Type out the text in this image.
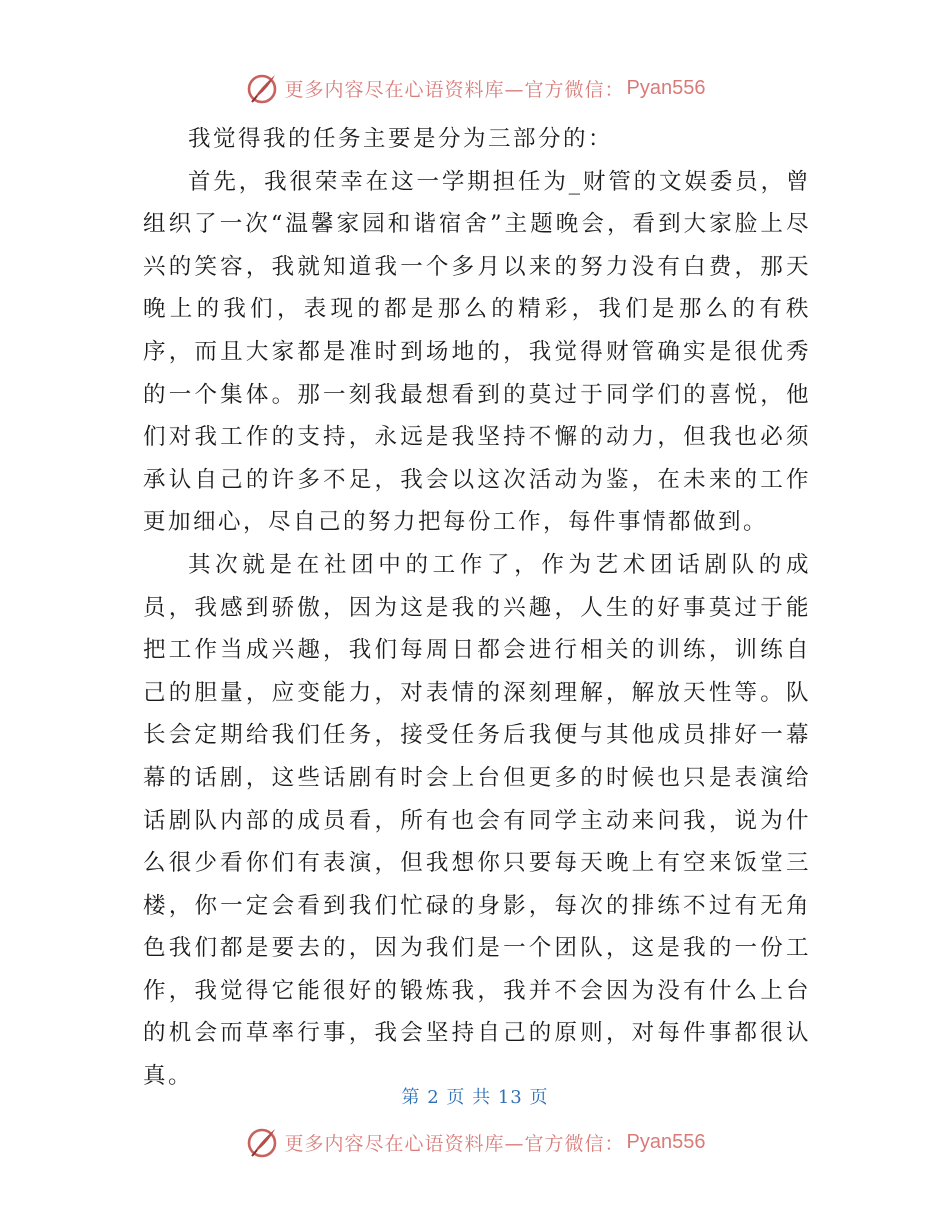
更多内容尽在心语资料库—官方微信： Pyan556

我觉得我的任务主要是分为三部分的：

首先，我很荣幸在这一学期担任为_财管的文娱委员，曾组织了一次“温馨家园和谐宿舍”主题晚会，看到大家脸上尽兴的笑容，我就知道我一个多月以来的努力没有白费，那天晚上的我们，表现的都是那么的精彩，我们是那么的有秩序，而且大家都是准时到场地的，我觉得财管确实是很优秀的一个集体。那一刻我最想看到的莫过于同学们的喜悦，他们对我工作的支持，永远是我坚持不懈的动力，但我也必须承认自己的许多不足，我会以这次活动为鉴，在未来的工作更加细心，尽自己的努力把每份工作，每件事情都做到。

其次就是在社团中的工作了，作为艺术团话剧队的成员，我感到骄傲，因为这是我的兴趣，人生的好事莫过于能把工作当成兴趣，我们每周日都会进行相关的训练，训练自己的胆量，应变能力，对表情的深刻理解，解放天性等。队长会定期给我们任务，接受任务后我便与其他成员排好一幕幕的话剧，这些话剧有时会上台但更多的时候也只是表演给话剧队内部的成员看，所有也会有同学主动来问我，说为什么很少看你们有表演，但我想你只要每天晚上有空来饭堂三楼，你一定会看到我们忙碌的身影，每次的排练不过有无角色我们都是要去的，因为我们是一个团队，这是我的一份工作，我觉得它能很好的锻炼我，我并不会因为没有什么上台的机会而草率行事，我会坚持自己的原则，对每件事都很认真。

第 2 页 共 13 页
更多内容尽在心语资料库—官方微信： Pyan556
